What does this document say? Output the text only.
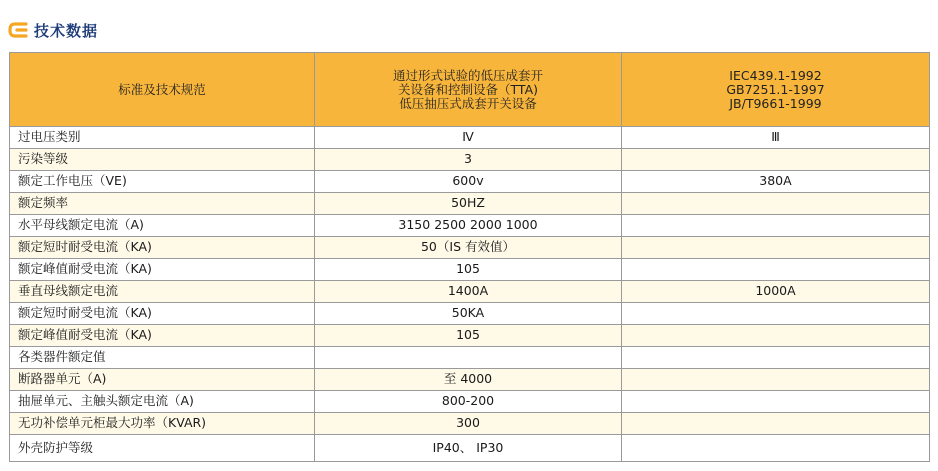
技术数据
标准及技术规范	通过形式试验的低压成套开
关设备和控制设备（TTA)
低压抽压式成套开关设备	IEC439.1-1992
GB7251.1-1997
JB/T9661-1999

过电压类别	Ⅳ	Ⅲ
污染等级	3	
额定工作电压（VE)	600v	380A
额定频率	50HZ	
水平母线额定电流（A)	3150 2500 2000 1000	
额定短时耐受电流（KA)	50（IS 有效值）	
额定峰值耐受电流（KA)	105	
垂直母线额定电流	1400A	1000A
额定短时耐受电流（KA)	50KA	
额定峰值耐受电流（KA)	105	
各类器件额定值		
断路器单元（A)	至 4000	
抽屉单元、主触头额定电流（A)	800-200	
无功补偿单元柜最大功率（KVAR)	300	
外壳防护等级	IP40、 IP30	
